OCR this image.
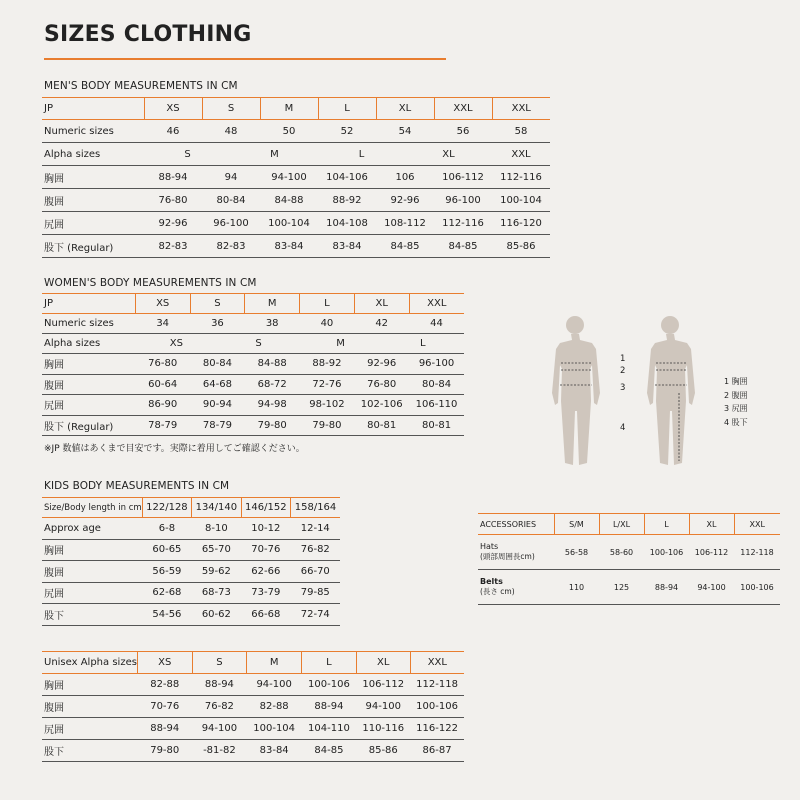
SIZES CLOTHING
MEN'S BODY MEASUREMENTS IN CM
JP	XS	S		M	L	XL		XXL	XXL
Numeric sizes	46	48		50	52	54		56	58
Alpha sizes	S		M		L		XL		XXL
胸囲	88-94	94		94-100	104-106	106		106-112	112-116
腹囲	76-80	80-84		84-88	88-92	92-96		96-100	100-104
尻囲	92-96	96-100		100-104	104-108	108-112		112-116	116-120
股下 (Regular)	82-83	82-83		83-84	83-84	84-85		84-85	85-86
WOMEN'S BODY MEASUREMENTS IN CM
JP	XS	S		M	L	XL		XXL
Numeric sizes	34	36		38	40	42		44
Alpha sizes	XS		S		M		L	
胸囲	76-80	80-84		84-88	88-92	92-96		96-100
腹囲	60-64	64-68		68-72	72-76	76-80		80-84
尻囲	86-90	90-94		94-98	98-102	102-106		106-110
股下 (Regular)	78-79	78-79		79-80	79-80	80-81		80-81
※JP 数値はあくまで目安です。実際に着用してご確認ください。
KIDS BODY MEASUREMENTS IN CM
Size/Body length in cm	122/128	134/140	146/152	158/164
Approx age	6-8	8-10	10-12	12-14
胸囲	60-65	65-70	70-76	76-82
腹囲	56-59	59-62	62-66	66-70
尻囲	62-68	68-73	73-79	79-85
股下	54-56	60-62	66-68	72-74
Unisex Alpha sizes	XS	S	M	L	XL	XXL
胸囲	82-88	88-94	94-100	100-106	106-112	112-118
腹囲	70-76	76-82	82-88	88-94	94-100	100-106
尻囲	88-94	94-100	100-104	104-110	110-116	116-122
股下	79-80	-81-82	83-84	84-85	85-86	86-87
1
2
3
4
1 胸囲
2 腹囲
3 尻囲
4 股下
ACCESSORIES	S/M	L/XL	L	XL	XXL

Hats
(頭部周囲長cm)	56-58	58-60	100-106	106-112	112-118

Belts
(長さ cm)	110	125	88-94	94-100	100-106
